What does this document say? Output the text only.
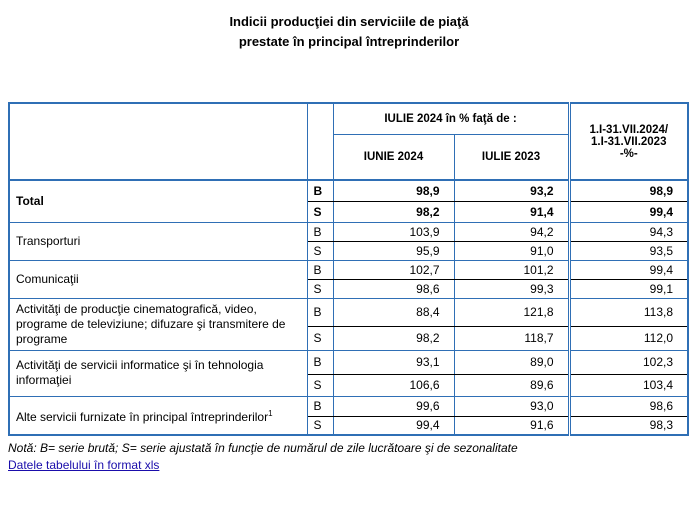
Indicii producţiei din serviciile de piaţă
prestate în principal întreprinderilor
		IULIE 2024 în % faţă de :		1.I-31.VII.2024/
1.I-31.VII.2023
-%-

		IUNIE 2024	IULIE 2023	
Total	B	98,9	93,2	98,9
	S	98,2	91,4	99,4
Transporturi	B	103,9	94,2	94,3
	S	95,9	91,0	93,5
Comunicaţii	B	102,7	101,2	99,4
	S	98,6	99,3	99,1
Activităţi de producţie cinematografică, video, programe de televiziune; difuzare şi transmitere de programe	B	88,4	121,8	113,8
	S	98,2	118,7	112,0
Activităţi de servicii informatice şi în tehnologia informaţiei	B	93,1	89,0	102,3
	S	106,6	89,6	103,4
Alte servicii furnizate în principal întreprinderilor$^1$	B	99,6	93,0	98,6
	S	99,4	91,6	98,3
Notă: B= serie brută; S= serie ajustată în funcţie de numărul de zile lucrătoare şi de sezonalitate
Datele tabelului în format xls
